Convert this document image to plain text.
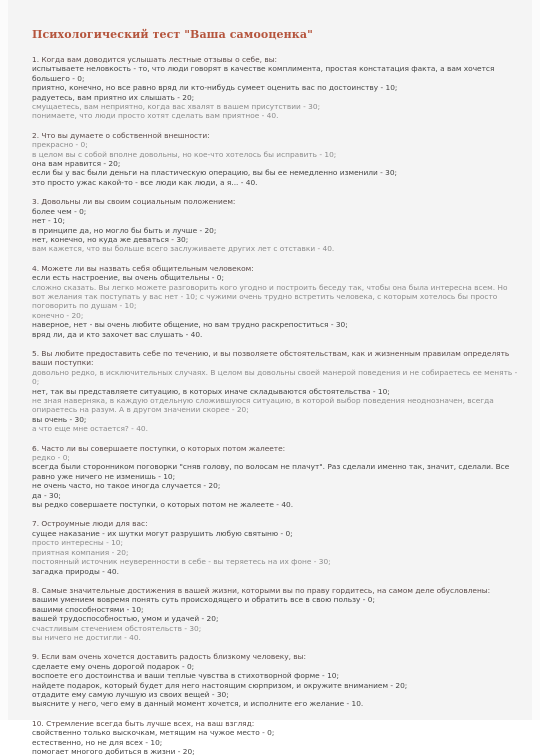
Психологический тест "Ваша самооценка"
1. Когда вам доводится услышать лестные отзывы о себе, вы:
испытываете неловкость - то, что люди говорят в качестве комплимента, простая констатация факта, а вам хочется большего - 0;
приятно, конечно, но все равно вряд ли кто-нибудь сумеет оценить вас по достоинству - 10;
радуетесь, вам приятно их слышать - 20;
смущаетесь, вам неприятно, когда вас хвалят в вашем присутствии - 30;
понимаете, что люди просто хотят сделать вам приятное - 40.
2. Что вы думаете о собственной внешности:
прекрасно - 0;
в целом вы с собой вполне довольны, но кое-что хотелось бы исправить - 10;
она вам нравится - 20;
если бы у вас были деньги на пластическую операцию, вы бы ее немедленно изменили - 30;
это просто ужас какой-то - все люди как люди, а я... - 40.
3. Довольны ли вы своим социальным положением:
более чем - 0;
нет - 10;
в принципе да, но могло бы быть и лучше - 20;
нет, конечно, но куда же деваться - 30;
вам кажется, что вы больше всего заслуживаете других лет с отставки - 40.
4. Можете ли вы назвать себя общительным человеком:
если есть настроение, вы очень общительны - 0;
сложно сказать. Вы легко можете разговорить кого угодно и построить беседу так, чтобы она была интересна всем. Но вот желания так поступать у вас нет - 10; с чужими очень трудно встретить человека, с которым хотелось бы просто поговорить по душам - 10;
конечно - 20;
наверное, нет - вы очень любите общение, но вам трудно раскрепоститься - 30;
вряд ли, да и кто захочет вас слушать - 40.
5. Вы любите предоставить себе по течению, и вы позволяете обстоятельствам, как и жизненным правилам определять ваши поступки:
довольно редко, в исключительных случаях. В целом вы довольны своей манерой поведения и не собираетесь ее менять - 0;
нет, так вы представляете ситуацию, в которых иначе складываются обстоятельства - 10;
не зная наверняка, в каждую отдельную сложившуюся ситуацию, в которой выбор поведения неоднозначен, всегда опираетесь на разум. А в другом значении скорее - 20;
вы очень - 30;
а что еще мне остается? - 40.
6. Часто ли вы совершаете поступки, о которых потом жалеете:
редко - 0;
всегда были сторонником поговорки "сняв голову, по волосам не плачут". Раз сделали именно так, значит, сделали. Все равно уже ничего не изменишь - 10;
не очень часто, но такое иногда случается - 20;
да - 30;
вы редко совершаете поступки, о которых потом не жалеете - 40.
7. Остроумные люди для вас:
сущее наказание - их шутки могут разрушить любую святыню - 0;
просто интересны - 10;
приятная компания - 20;
постоянный источник неуверенности в себе - вы теряетесь на их фоне - 30;
загадка природы - 40.
8. Самые значительные достижения в вашей жизни, которыми вы по праву гордитесь, на самом деле обусловлены:
вашим умением вовремя понять суть происходящего и обратить все в свою пользу - 0;
вашими способностями - 10;
вашей трудоспособностью, умом и удачей - 20;
счастливым стечением обстоятельств - 30;
вы ничего не достигли - 40.
9. Если вам очень хочется доставить радость близкому человеку, вы:
сделаете ему очень дорогой подарок - 0;
воспоете его достоинства и ваши теплые чувства в стихотворной форме - 10;
найдете подарок, который будет для него настоящим сюрпризом, и окружите вниманием - 20;
отдадите ему самую лучшую из своих вещей - 30;
выясните у него, чего ему в данный момент хочется, и исполните его желание - 10.
10. Стремление всегда быть лучше всех, на ваш взгляд:
свойственно только выскочкам, метящим на чужое место - 0;
естественно, но не для всех - 10;
помогает многого добиться в жизни - 20;
